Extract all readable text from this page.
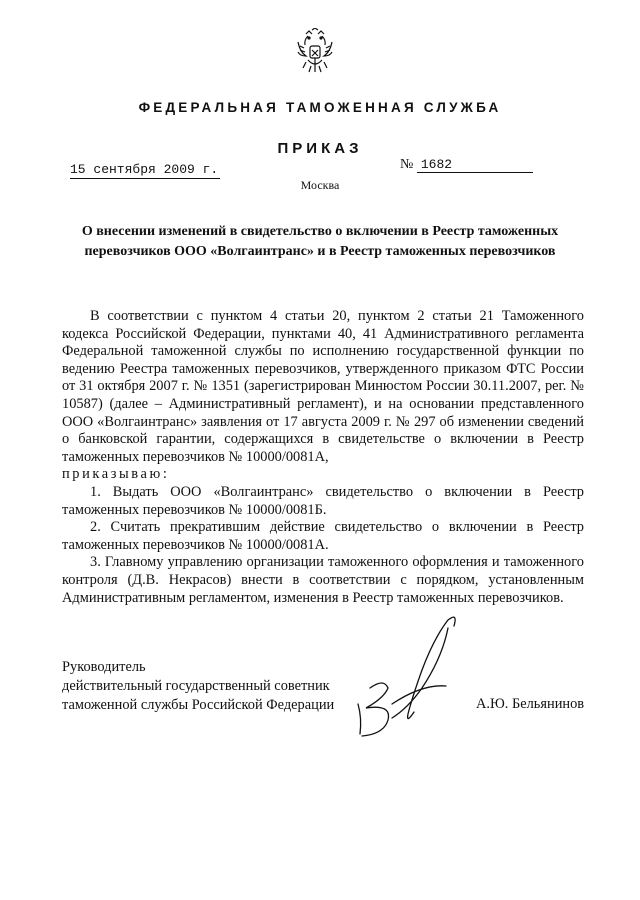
ФЕДЕРАЛЬНАЯ ТАМОЖЕННАЯ СЛУЖБА
ПРИКАЗ
15 сентября 2009 г.	№ 1682
Москва
О внесении изменений в свидетельство о включении в Реестр таможенных перевозчиков ООО «Волгаинтранс» и в Реестр таможенных перевозчиков

В соответствии с пунктом 4 статьи 20, пунктом 2 статьи 21 Таможенного кодекса Российской Федерации, пунктами 40, 41 Административного регламента Федеральной таможенной службы по исполнению государственной функции по ведению Реестра таможенных перевозчиков, утвержденного приказом ФТС России от 31 октября 2007 г. № 1351 (зарегистрирован Минюстом России 30.11.2007, рег. № 10587) (далее – Административный регламент), и на основании представленного ООО «Волгаинтранс» заявления от 17 августа 2009 г. № 297 об изменении сведений о банковской гарантии, содержащихся в свидетельстве о включении в Реестр таможенных перевозчиков № 10000/0081А,

приказываю:

1. Выдать ООО «Волгаинтранс» свидетельство о включении в Реестр таможенных перевозчиков № 10000/0081Б.

2. Считать прекратившим действие свидетельство о включении в Реестр таможенных перевозчиков № 10000/0081А.

3. Главному управлению организации таможенного оформления и таможенного контроля (Д.В. Некрасов) внести в соответствии с порядком, установленным Административным регламентом, изменения в Реестр таможенных перевозчиков.

Руководитель
действительный государственный советник
таможенной службы Российской Федерации	А.Ю. Бельянинов
